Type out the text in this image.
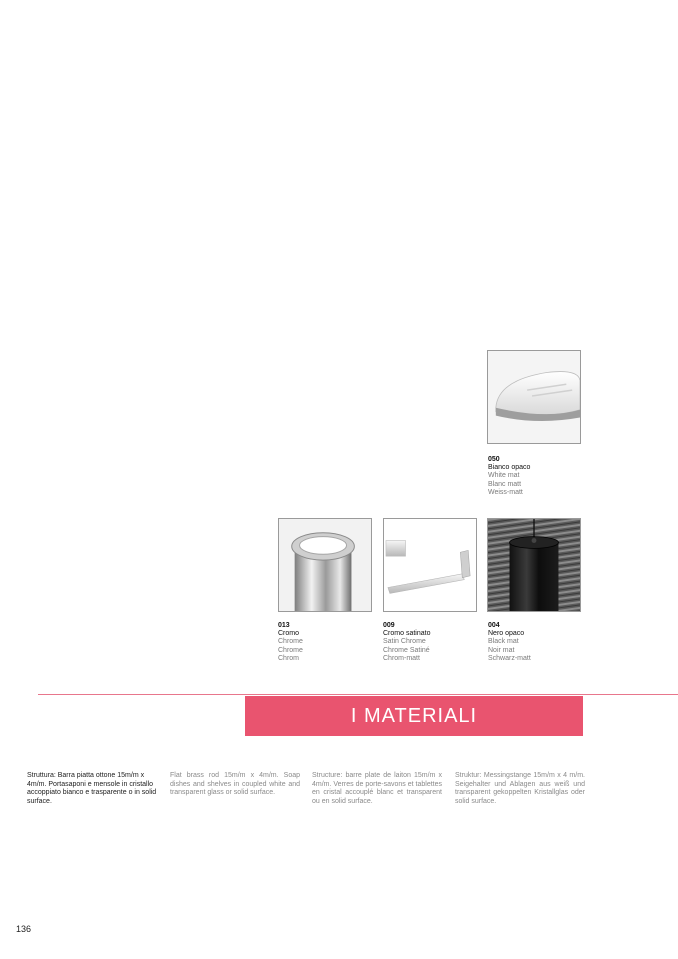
050
Bianco opaco
White mat
Blanc matt
Weiss-matt
013
Cromo
Chrome
Chrome
Chrom
009
Cromo satinato
Satin Chrome
Chrome Satiné
Chrom-matt
004
Nero opaco
Black mat
Noir mat
Schwarz-matt
I MATERIALI
Struttura: Barra piatta ottone 15m/m x 4m/m. Portasaponi e mensole in cristallo accoppiato bianco e trasparente o in solid surface.
Flat brass rod 15m/m x 4m/m. Soap dishes and shelves in coupled white and transparent glass or solid surface.
Structure: barre plate de laiton 15m/m x 4m/m. Verres de porte-savons et tablettes en cristal accouplé blanc et transparent ou en solid surface.
Struktur: Messingstange 15m/m x 4 m/m. Seigehalter und Ablagen aus weiß und transparent gekoppelten Kristallglas oder solid surface.
136
